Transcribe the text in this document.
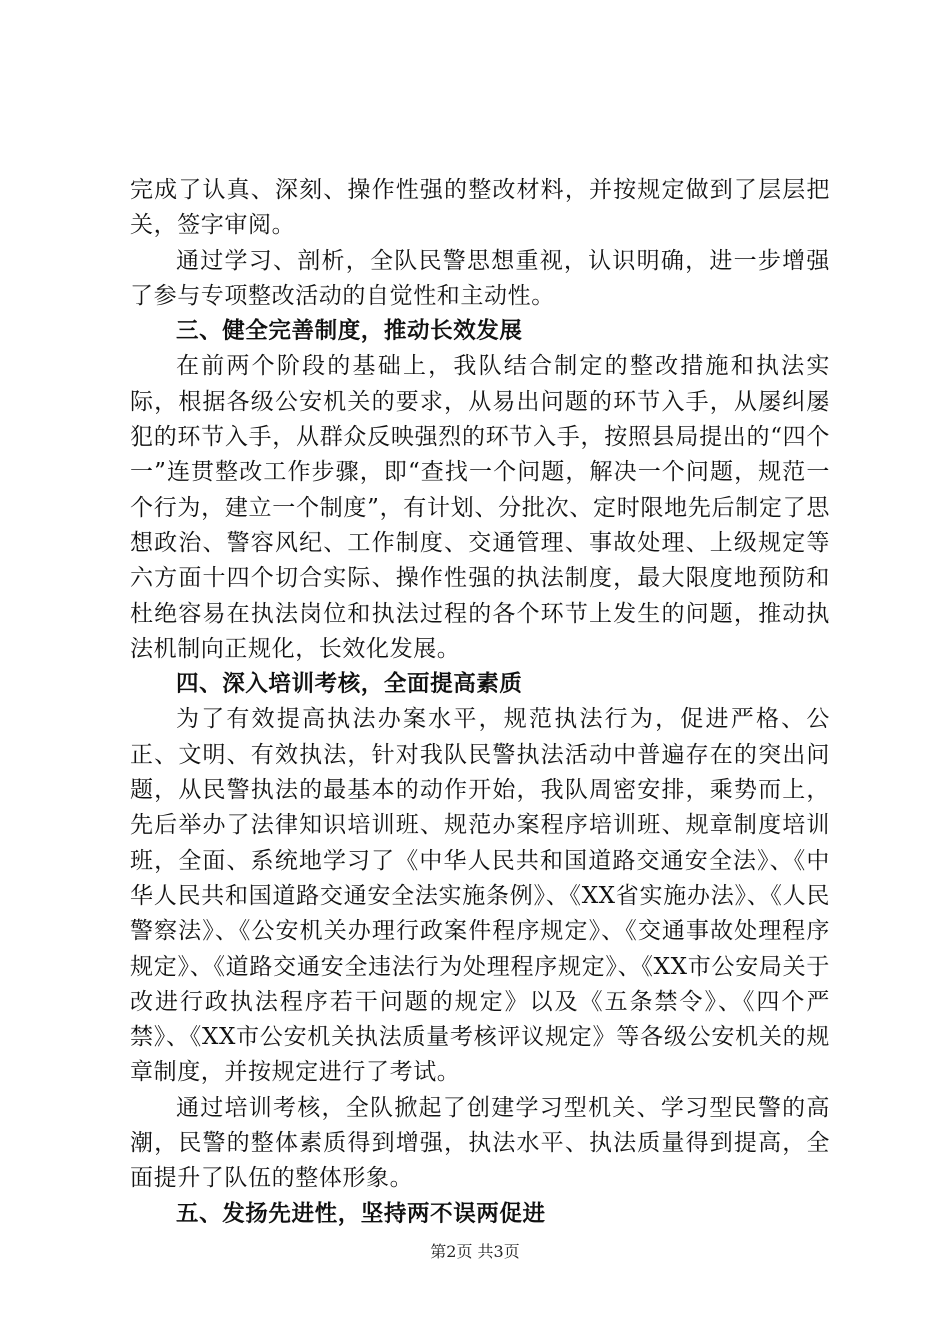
完成了认真、深刻、操作性强的整改材料，并按规定做到了层层把关，签字审阅。

通过学习、剖析，全队民警思想重视，认识明确，进一步增强了参与专项整改活动的自觉性和主动性。

三、健全完善制度，推动长效发展

在前两个阶段的基础上，我队结合制定的整改措施和执法实际，根据各级公安机关的要求，从易出问题的环节入手，从屡纠屡犯的环节入手，从群众反映强烈的环节入手，按照县局提出的“四个一”连贯整改工作步骤，即“查找一个问题，解决一个问题，规范一个行为，建立一个制度”，有计划、分批次、定时限地先后制定了思想政治、警容风纪、工作制度、交通管理、事故处理、上级规定等六方面十四个切合实际、操作性强的执法制度，最大限度地预防和杜绝容易在执法岗位和执法过程的各个环节上发生的问题，推动执法机制向正规化，长效化发展。

四、深入培训考核，全面提高素质

为了有效提高执法办案水平，规范执法行为，促进严格、公正、文明、有效执法，针对我队民警执法活动中普遍存在的突出问题，从民警执法的最基本的动作开始，我队周密安排，乘势而上，先后举办了法律知识培训班、规范办案程序培训班、规章制度培训班，全面、系统地学习了《中华人民共和国道路交通安全法》、《中华人民共和国道路交通安全法实施条例》、《XX省实施办法》、《人民警察法》、《公安机关办理行政案件程序规定》、《交通事故处理程序规定》、《道路交通安全违法行为处理程序规定》、《XX市公安局关于改进行政执法程序若干问题的规定》以及《五条禁令》、《四个严禁》、《XX市公安机关执法质量考核评议规定》等各级公安机关的规章制度，并按规定进行了考试。

通过培训考核，全队掀起了创建学习型机关、学习型民警的高潮，民警的整体素质得到增强，执法水平、执法质量得到提高，全面提升了队伍的整体形象。

五、发扬先进性，坚持两不误两促进
第2页 共3页
